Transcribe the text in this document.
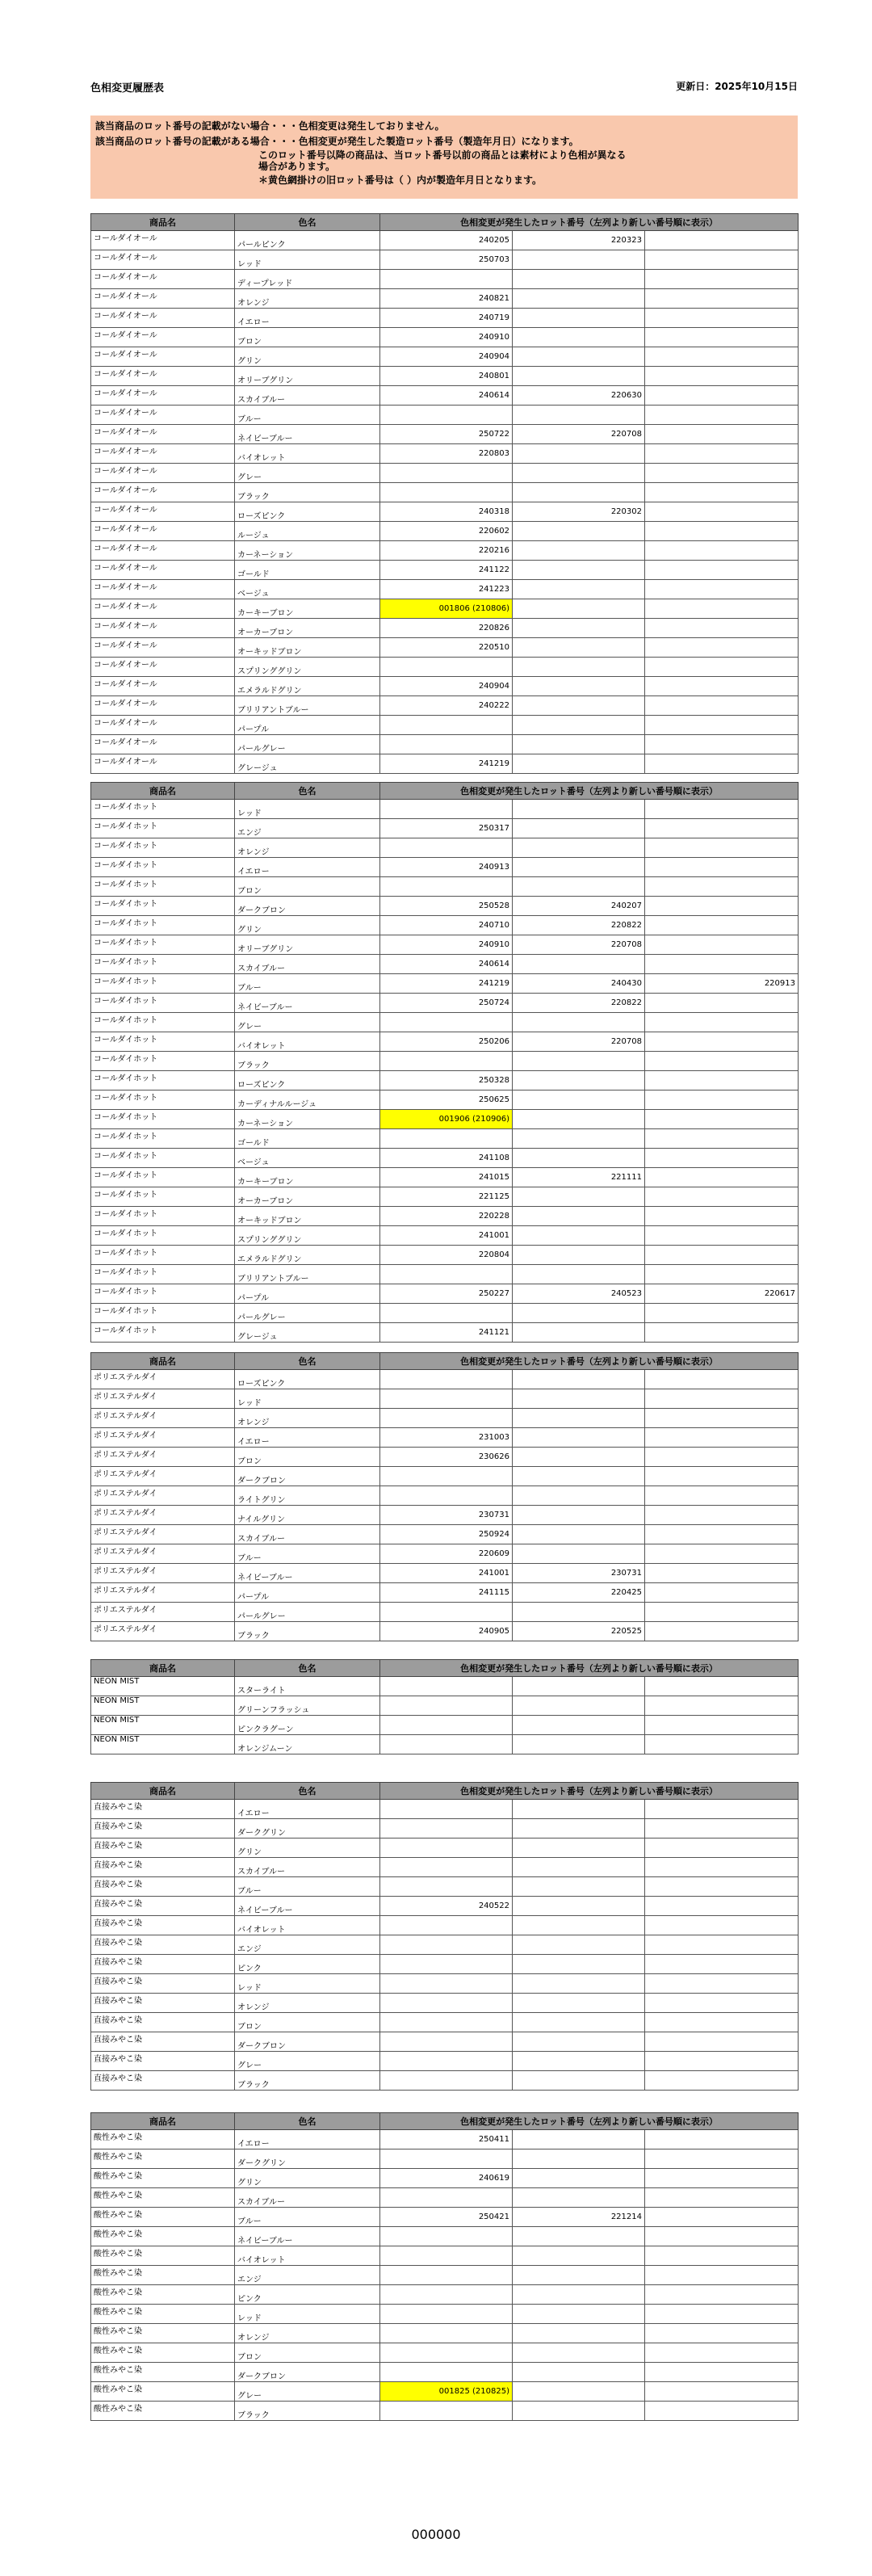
色相変更履歴表	更新日：2025年10月15日
該当商品のロット番号の記載がない場合・・・色相変更は発生しておりません。
該当商品のロット番号の記載がある場合・・・色相変更が発生した製造ロット番号（製造年月日）になります。
このロット番号以降の商品は、当ロット番号以前の商品とは素材により色相が異なる
場合があります。
＊黄色網掛けの旧ロット番号は（ ）内が製造年月日となります。
商品名	色名	色相変更が発生したロット番号（左列より新しい番号順に表示）		
コールダイオール	パールピンク	240205	220323	
コールダイオール	レッド	250703		
コールダイオール	ディープレッド			
コールダイオール	オレンジ	240821		
コールダイオール	イエロー	240719		
コールダイオール	ブロン	240910		
コールダイオール	グリン	240904		
コールダイオール	オリーブグリン	240801		
コールダイオール	スカイブルー	240614	220630	
コールダイオール	ブルー			
コールダイオール	ネイビーブルー	250722	220708	
コールダイオール	バイオレット	220803		
コールダイオール	グレー			
コールダイオール	ブラック			
コールダイオール	ローズピンク	240318	220302	
コールダイオール	ルージュ	220602		
コールダイオール	カーネーション	220216		
コールダイオール	ゴールド	241122		
コールダイオール	ベージュ	241223		
コールダイオール	カーキーブロン	001806 (210806)		
コールダイオール	オーカーブロン	220826		
コールダイオール	オーキッドブロン	220510		
コールダイオール	スプリンググリン			
コールダイオール	エメラルドグリン	240904		
コールダイオール	ブリリアントブルー	240222		
コールダイオール	パープル			
コールダイオール	パールグレー			
コールダイオール	グレージュ	241219		
商品名	色名	色相変更が発生したロット番号（左列より新しい番号順に表示）		
コールダイホット	レッド			
コールダイホット	エンジ	250317		
コールダイホット	オレンジ			
コールダイホット	イエロー	240913		
コールダイホット	ブロン			
コールダイホット	ダークブロン	250528	240207	
コールダイホット	グリン	240710	220822	
コールダイホット	オリーブグリン	240910	220708	
コールダイホット	スカイブルー	240614		
コールダイホット	ブルー	241219	240430	220913
コールダイホット	ネイビーブルー	250724	220822	
コールダイホット	グレー			
コールダイホット	バイオレット	250206	220708	
コールダイホット	ブラック			
コールダイホット	ローズピンク	250328		
コールダイホット	カーディナルルージュ	250625		
コールダイホット	カーネーション	001906 (210906)		
コールダイホット	ゴールド			
コールダイホット	ベージュ	241108		
コールダイホット	カーキーブロン	241015	221111	
コールダイホット	オーカーブロン	221125		
コールダイホット	オーキッドブロン	220228		
コールダイホット	スプリンググリン	241001		
コールダイホット	エメラルドグリン	220804		
コールダイホット	ブリリアントブルー			
コールダイホット	パープル	250227	240523	220617
コールダイホット	パールグレー			
コールダイホット	グレージュ	241121		
商品名	色名	色相変更が発生したロット番号（左列より新しい番号順に表示）		
ポリエステルダイ	ローズピンク			
ポリエステルダイ	レッド			
ポリエステルダイ	オレンジ			
ポリエステルダイ	イエロー	231003		
ポリエステルダイ	ブロン	230626		
ポリエステルダイ	ダークブロン			
ポリエステルダイ	ライトグリン			
ポリエステルダイ	ナイルグリン	230731		
ポリエステルダイ	スカイブルー	250924		
ポリエステルダイ	ブルー	220609		
ポリエステルダイ	ネイビーブルー	241001	230731	
ポリエステルダイ	パープル	241115	220425	
ポリエステルダイ	パールグレー			
ポリエステルダイ	ブラック	240905	220525	
商品名	色名	色相変更が発生したロット番号（左列より新しい番号順に表示）		
NEON MIST	スターライト			
NEON MIST	グリーンフラッシュ			
NEON MIST	ピンクラグーン			
NEON MIST	オレンジムーン			
商品名	色名	色相変更が発生したロット番号（左列より新しい番号順に表示）		
直接みやこ染	イエロー			
直接みやこ染	ダークグリン			
直接みやこ染	グリン			
直接みやこ染	スカイブルー			
直接みやこ染	ブルー			
直接みやこ染	ネイビーブルー	240522		
直接みやこ染	バイオレット			
直接みやこ染	エンジ			
直接みやこ染	ピンク			
直接みやこ染	レッド			
直接みやこ染	オレンジ			
直接みやこ染	ブロン			
直接みやこ染	ダークブロン			
直接みやこ染	グレー			
直接みやこ染	ブラック			
商品名	色名	色相変更が発生したロット番号（左列より新しい番号順に表示）		
酸性みやこ染	イエロー	250411		
酸性みやこ染	ダークグリン			
酸性みやこ染	グリン	240619		
酸性みやこ染	スカイブルー			
酸性みやこ染	ブルー	250421	221214	
酸性みやこ染	ネイビーブルー			
酸性みやこ染	バイオレット			
酸性みやこ染	エンジ			
酸性みやこ染	ピンク			
酸性みやこ染	レッド			
酸性みやこ染	オレンジ			
酸性みやこ染	ブロン			
酸性みやこ染	ダークブロン			
酸性みやこ染	グレー	001825 (210825)		
酸性みやこ染	ブラック			
000000
